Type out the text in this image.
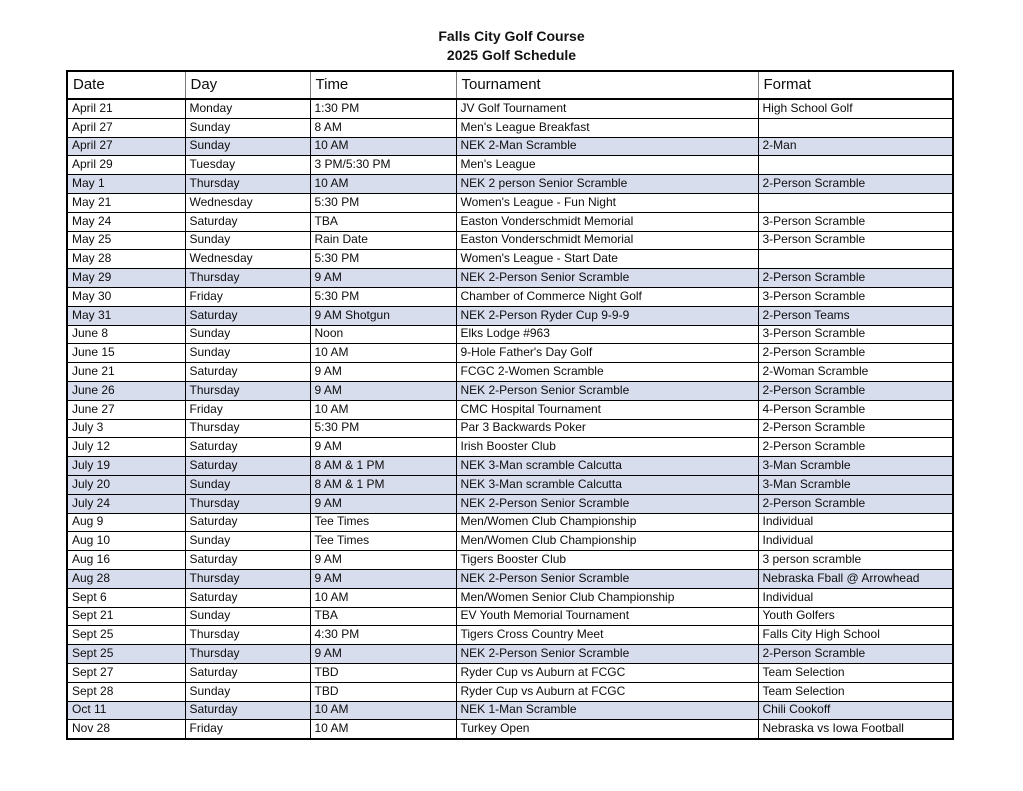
Falls City Golf Course
2025 Golf Schedule
Date	Day	Time	Tournament	Format
April 21	Monday	1:30 PM	JV Golf Tournament	High School Golf
April 27	Sunday	8 AM	Men's League Breakfast	
April 27	Sunday	10 AM	NEK 2-Man Scramble	2-Man
April 29	Tuesday	3 PM/5:30 PM	Men's League	
May 1	Thursday	10 AM	NEK 2 person Senior Scramble	2-Person Scramble
May 21	Wednesday	5:30 PM	Women's League - Fun Night	
May 24	Saturday	TBA	Easton Vonderschmidt Memorial	3-Person Scramble
May 25	Sunday	Rain Date	Easton Vonderschmidt Memorial	3-Person Scramble
May 28	Wednesday	5:30 PM	Women's League - Start Date	
May 29	Thursday	9 AM	NEK 2-Person Senior Scramble	2-Person Scramble
May 30	Friday	5:30 PM	Chamber of Commerce Night Golf	3-Person Scramble
May 31	Saturday	9 AM Shotgun	NEK 2-Person Ryder Cup 9-9-9	2-Person Teams
June 8	Sunday	Noon	Elks Lodge #963	3-Person Scramble
June 15	Sunday	10 AM	9-Hole Father's Day Golf	2-Person Scramble
June 21	Saturday	9 AM	FCGC 2-Women Scramble	2-Woman Scramble
June 26	Thursday	9 AM	NEK 2-Person Senior Scramble	2-Person Scramble
June 27	Friday	10 AM	CMC Hospital Tournament	4-Person Scramble
July 3	Thursday	5:30 PM	Par 3 Backwards Poker	2-Person Scramble
July 12	Saturday	9 AM	Irish Booster Club	2-Person Scramble
July 19	Saturday	8 AM & 1 PM	NEK 3-Man scramble Calcutta	3-Man Scramble
July 20	Sunday	8 AM & 1 PM	NEK 3-Man scramble Calcutta	3-Man Scramble
July 24	Thursday	9 AM	NEK 2-Person Senior Scramble	2-Person Scramble
Aug 9	Saturday	Tee Times	Men/Women Club Championship	Individual
Aug 10	Sunday	Tee Times	Men/Women Club Championship	Individual
Aug 16	Saturday	9 AM	Tigers Booster Club	3 person scramble
Aug 28	Thursday	9 AM	NEK 2-Person Senior Scramble	Nebraska Fball @ Arrowhead
Sept 6	Saturday	10 AM	Men/Women Senior Club Championship	Individual
Sept 21	Sunday	TBA	EV Youth Memorial Tournament	Youth Golfers
Sept 25	Thursday	4:30 PM	Tigers Cross Country Meet	Falls City High School
Sept 25	Thursday	9 AM	NEK 2-Person Senior Scramble	2-Person Scramble
Sept 27	Saturday	TBD	Ryder Cup vs Auburn at FCGC	Team Selection
Sept 28	Sunday	TBD	Ryder Cup vs Auburn at FCGC	Team Selection
Oct 11	Saturday	10 AM	NEK 1-Man Scramble	Chili Cookoff
Nov 28	Friday	10 AM	Turkey Open	Nebraska vs Iowa Football
